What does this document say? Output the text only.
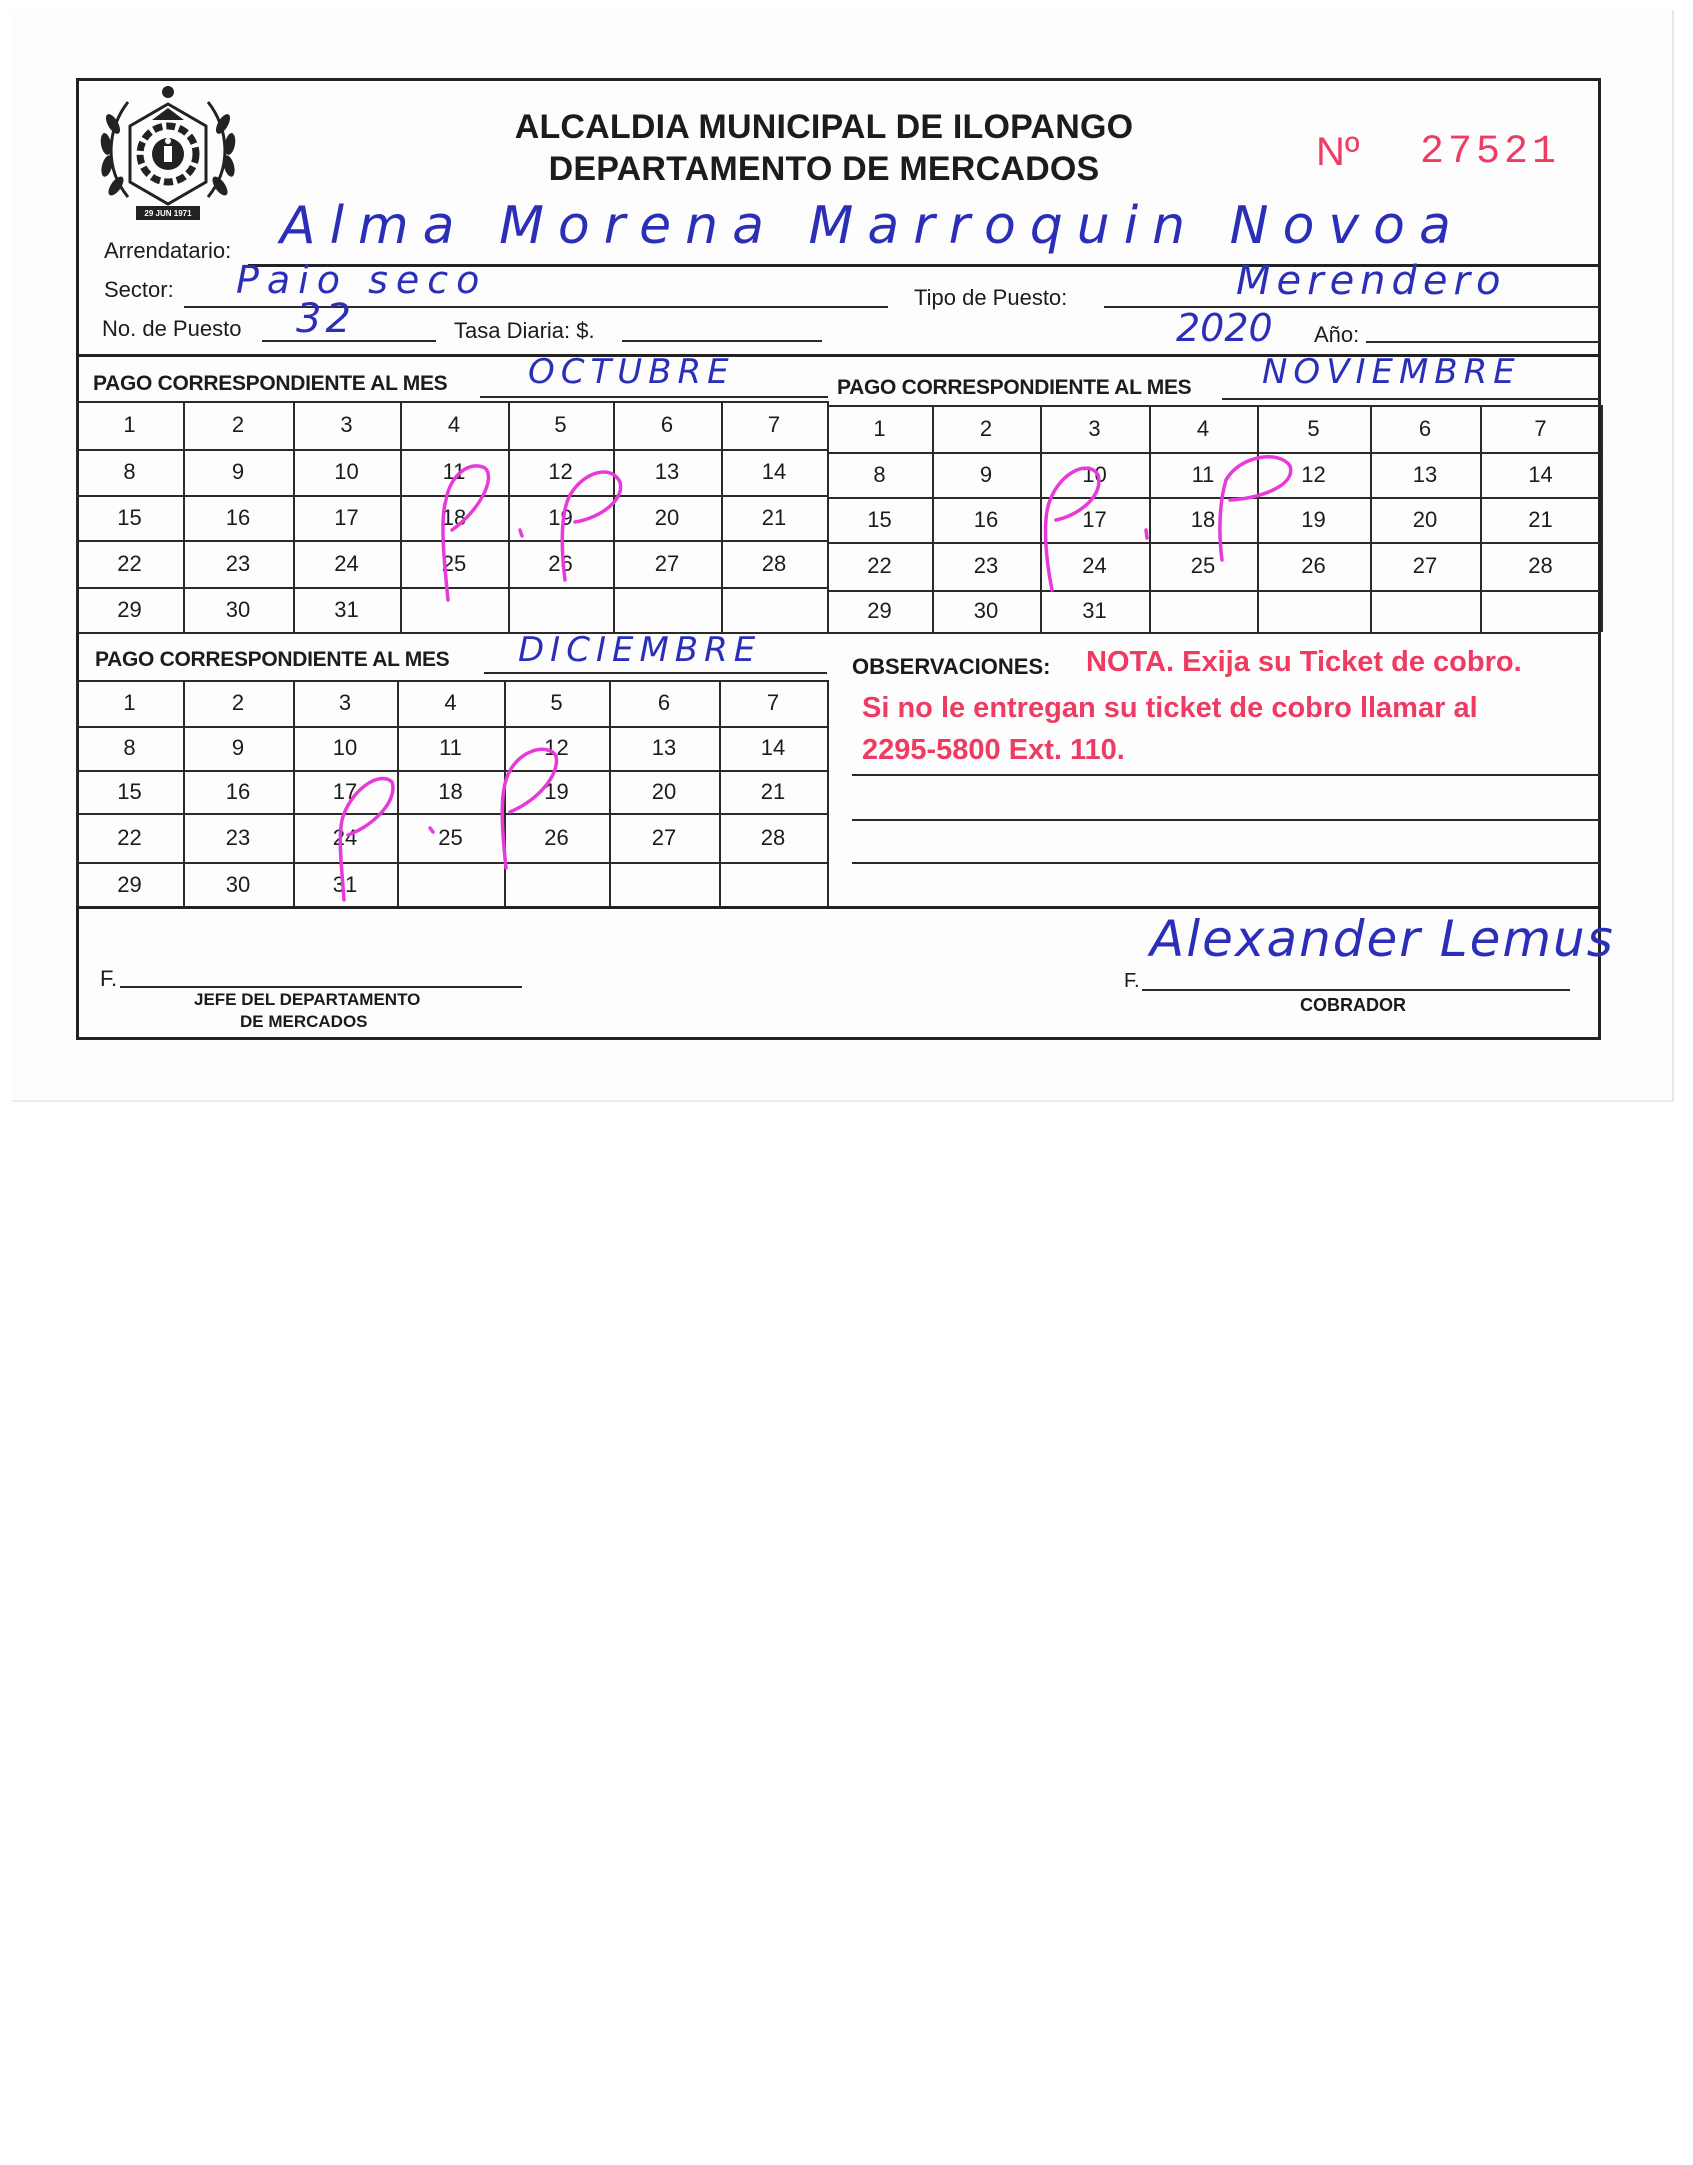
29 JUN 1971
ALCALDIA MUNICIPAL DE ILOPANGO
DEPARTAMENTO DE MERCADOS	Nº 27521
Arrendatario: Alma Morena Marroquin Novoa
Sector: Paio seco	Tipo de Puesto:	Merendero
No. de Puesto 32	Tasa Diaria: $.	2020 Año:
PAGO CORRESPONDIENTE AL MES OCTUBRE	PAGO CORRESPONDIENTE AL MES NOVIEMBRE
1	2	3	4	5	6	7
8	9	10	11	12	13	14
15	16	17	18	19	20	21
22	23	24	25	26	27	28
29	30	31
1	2	3	4	5	6	7
8	9	10	11	12	13	14
15	16	17	18	19	20	21
22	23	24	25	26	27	28
29	30	31
1	2	3	4	5	6	7
8	9	10	11	12	13	14
15	16	17	18	19	20	21
22	23	24	25	26	27	28
29	30	31
PAGO CORRESPONDIENTE AL MES DICIEMBRE	OBSERVACIONES: NOTA. Exija su Ticket de cobro.
Si no le entregan su ticket de cobro llamar al
2295-5800 Ext. 110.
F.
JEFE DEL DEPARTAMENTO
DE MERCADOS
F.
Alexander Lemus
COBRADOR
